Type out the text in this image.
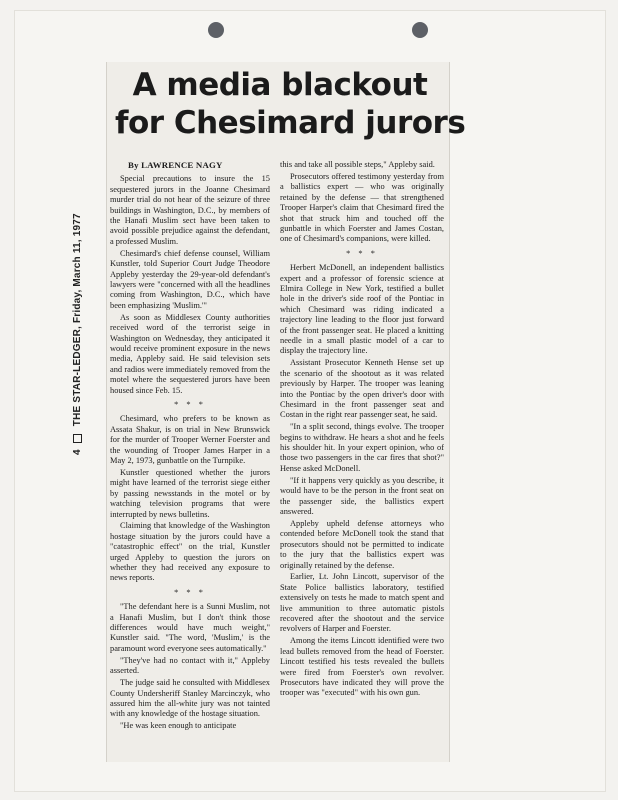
A media blackout
for Chesimard jurors
4THE STAR-LEDGER, Friday, March 11, 1977

By LAWRENCE NAGY

Special precautions to insure the 15 sequestered jurors in the Joanne Chesimard murder trial do not hear of the seizure of three buildings in Washington, D.C., by members of the Hanafi Muslim sect have been taken to avoid possible prejudice against the defendant, a professed Muslim.

Chesimard's chief defense counsel, William Kunstler, told Superior Court Judge Theodore Appleby yesterday the 29-year-old defendant's lawyers were "concerned with all the headlines coming from Washington, D.C., which have been emphasizing 'Muslim.'"

As soon as Middlesex County authorities received word of the terrorist seige in Washington on Wednesday, they anticipated it would receive prominent exposure in the news media, Appleby said. He said television sets and radios were immediately removed from the motel where the sequestered jurors have been housed since Feb. 15.

* * *

Chesimard, who prefers to be known as Assata Shakur, is on trial in New Brunswick for the murder of Trooper Werner Foerster and the wounding of Trooper James Harper in a May 2, 1973, gunbattle on the Turnpike.

Kunstler questioned whether the jurors might have learned of the terrorist siege either by passing newsstands in the motel or by watching television programs that were interrupted by news bulletins.

Claiming that knowledge of the Washington hostage situation by the jurors could have a "catastrophic effect" on the trial, Kunstler urged Appleby to question the jurors on whether they had received any exposure to news reports.

* * *

"The defendant here is a Sunni Muslim, not a Hanafi Muslim, but I don't think those differences would have much weight," Kunstler said. "The word, 'Muslim,' is the paramount word everyone sees automatically."

"They've had no contact with it," Appleby asserted.

The judge said he consulted with Middlesex County Undersheriff Stanley Marcinczyk, who assured him the all-white jury was not tainted with any knowledge of the hostage situation.

"He was keen enough to anticipate

this and take all possible steps," Appleby said.

Prosecutors offered testimony yesterday from a ballistics expert — who was originally retained by the defense — that strengthened Trooper Harper's claim that Chesimard fired the shot that struck him and touched off the gunbattle in which Foerster and James Costan, one of Chesimard's companions, were killed.

* * *

Herbert McDonell, an independent ballistics expert and a professor of forensic science at Elmira College in New York, testified a bullet hole in the driver's side roof of the Pontiac in which Chesimard was riding indicated a trajectory line leading to the floor just forward of the front passenger seat. He placed a knitting needle in a small plastic model of a car to display the trajectory line.

Assistant Prosecutor Kenneth Hense set up the scenario of the shootout as it was related previously by Harper. The trooper was leaning into the Pontiac by the open driver's door with Chesimard in the front passenger seat and Costan in the right rear passenger seat, he said.

"In a split second, things evolve. The trooper begins to withdraw. He hears a shot and he feels his shoulder hit. In your expert opinion, who of those two passengers in the car fires that shot?" Hense asked McDonell.

"If it happens very quickly as you describe, it would have to be the person in the front seat on the passenger side, the ballistics expert answered.

Appleby upheld defense attorneys who contended before McDonell took the stand that prosecutors should not be permitted to indicate to the jury that the ballistics expert was originally retained by the defense.

Earlier, Lt. John Lincott, supervisor of the State Police ballistics laboratory, testified extensively on tests he made to match spent and live ammunition to three automatic pistols recovered after the shootout and the service revolvers of Harper and Foerster.

Among the items Lincott identified were two lead bullets removed from the head of Foerster. Lincott testified his tests revealed the bullets were fired from Foerster's own revolver. Prosecutors have indicated they will prove the trooper was "executed" with his own gun.
